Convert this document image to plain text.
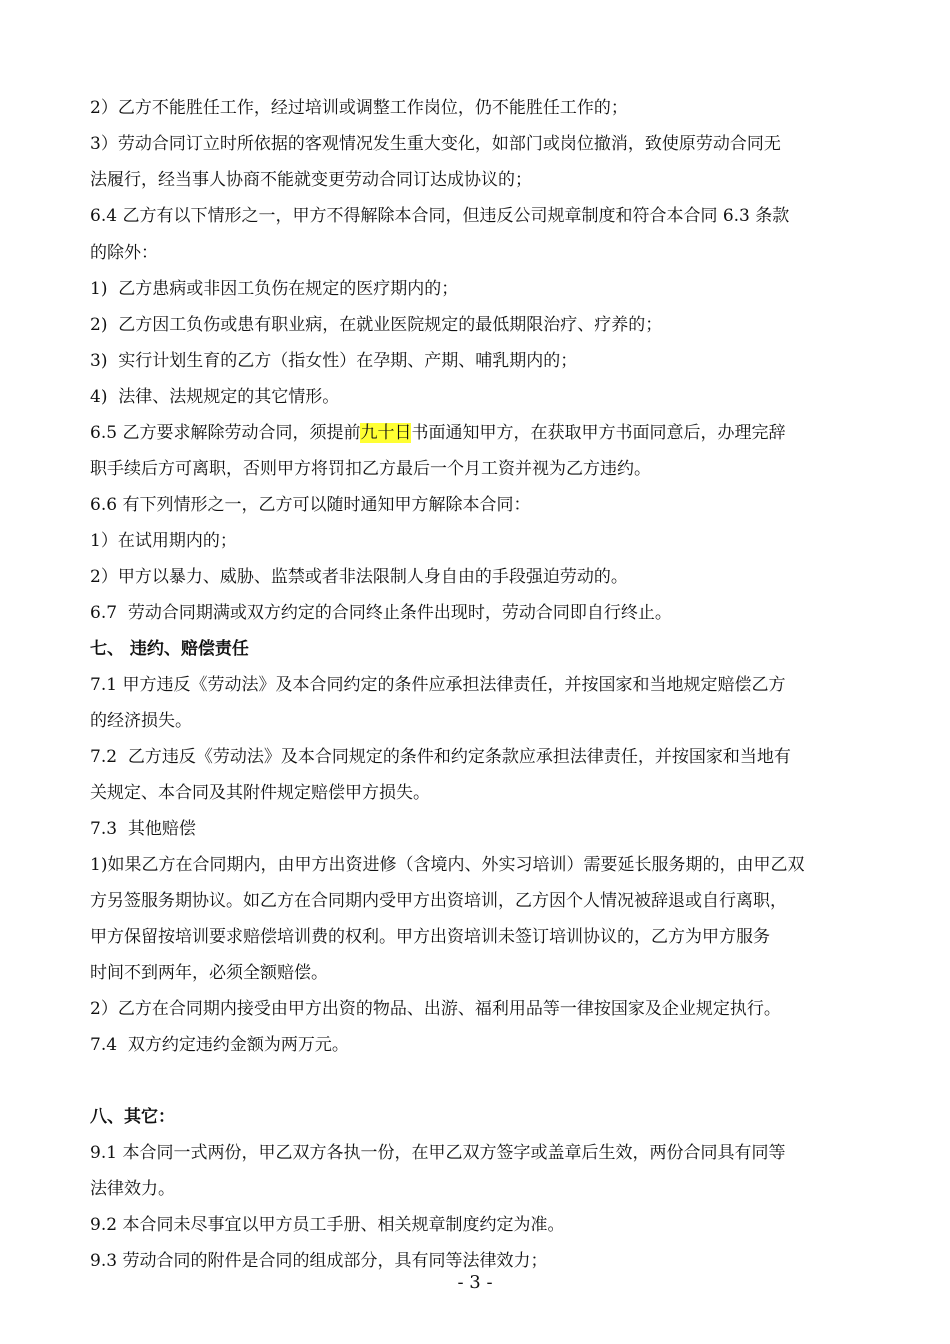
2）乙方不能胜任工作，经过培训或调整工作岗位，仍不能胜任工作的；
3）劳动合同订立时所依据的客观情况发生重大变化，如部门或岗位撤消，致使原劳动合同无
法履行，经当事人协商不能就变更劳动合同订达成协议的；
6.4 乙方有以下情形之一，甲方不得解除本合同，但违反公司规章制度和符合本合同 6.3 条款
的除外：
1)  乙方患病或非因工负伤在规定的医疗期内的；
2)  乙方因工负伤或患有职业病，在就业医院规定的最低期限治疗、疗养的；
3)  实行计划生育的乙方（指女性）在孕期、产期、哺乳期内的；
4)  法律、法规规定的其它情形。
6.5 乙方要求解除劳动合同，须提前九十日书面通知甲方，在获取甲方书面同意后，办理完辞
职手续后方可离职，否则甲方将罚扣乙方最后一个月工资并视为乙方违约。
6.6 有下列情形之一，乙方可以随时通知甲方解除本合同：
1）在试用期内的；
2）甲方以暴力、威胁、监禁或者非法限制人身自由的手段强迫劳动的。
6.7  劳动合同期满或双方约定的合同终止条件出现时，劳动合同即自行终止。
七、 违约、赔偿责任
7.1 甲方违反《劳动法》及本合同约定的条件应承担法律责任，并按国家和当地规定赔偿乙方
的经济损失。
7.2  乙方违反《劳动法》及本合同规定的条件和约定条款应承担法律责任，并按国家和当地有
关规定、本合同及其附件规定赔偿甲方损失。
7.3  其他赔偿
1)如果乙方在合同期内，由甲方出资进修（含境内、外实习培训）需要延长服务期的，由甲乙双
方另签服务期协议。如乙方在合同期内受甲方出资培训，乙方因个人情况被辞退或自行离职，
甲方保留按培训要求赔偿培训费的权利。甲方出资培训未签订培训协议的，乙方为甲方服务
时间不到两年，必须全额赔偿。
2）乙方在合同期内接受由甲方出资的物品、出游、福利用品等一律按国家及企业规定执行。
7.4  双方约定违约金额为两万元。
八、其它：
9.1 本合同一式两份，甲乙双方各执一份，在甲乙双方签字或盖章后生效，两份合同具有同等
法律效力。
9.2 本合同未尽事宜以甲方员工手册、相关规章制度约定为准。
9.3 劳动合同的附件是合同的组成部分，具有同等法律效力；
- 3 -
